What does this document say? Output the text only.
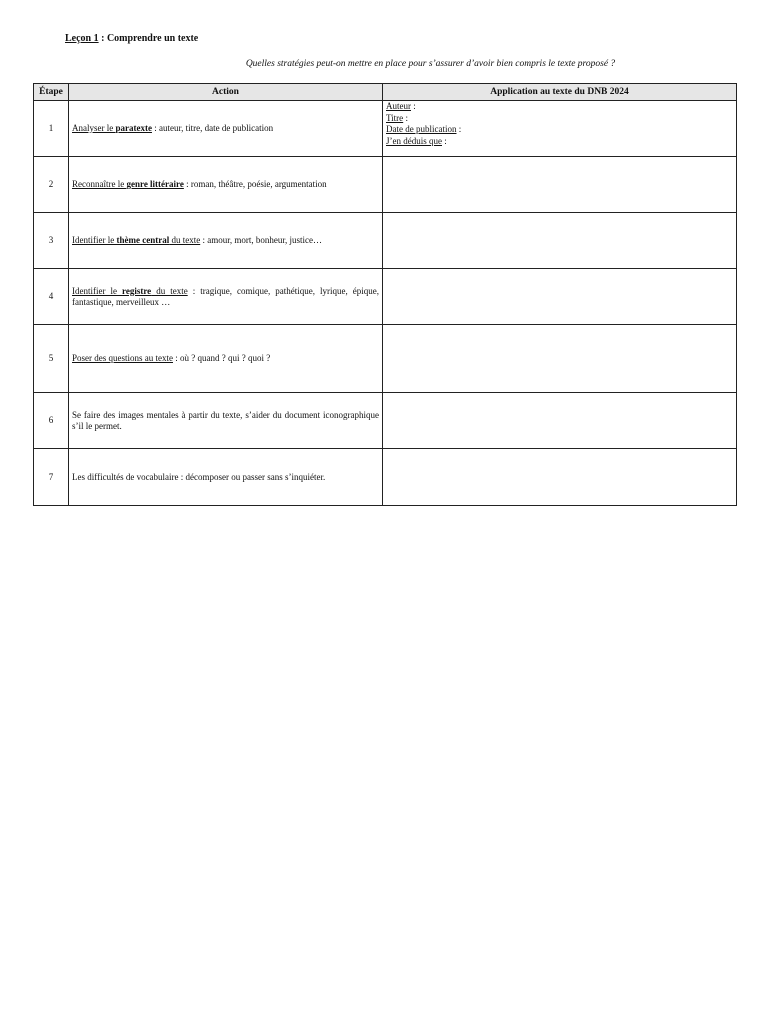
Leçon 1 : Comprendre un texte
Quelles stratégies peut-on mettre en place pour s’assurer d’avoir bien compris le texte proposé ?
Étape	Action	Application au texte du DNB 2024
1	Analyser le paratexte : auteur, titre, date de publication	Auteur :
Titre :
Date de publication :
J’en déduis que :

2	Reconnaître le genre littéraire : roman, théâtre, poésie, argumentation	
3	Identifier le thème central du texte : amour, mort, bonheur, justice…	
4	Identifier le registre du texte : tragique, comique, pathétique, lyrique, épique, fantastique, merveilleux …	
5	Poser des questions au texte : où ? quand ? qui ? quoi ?	
6	Se faire des images mentales à partir du texte, s’aider du document iconographique s’il le permet.	
7	Les difficultés de vocabulaire : décomposer ou passer sans s’inquiéter.	
